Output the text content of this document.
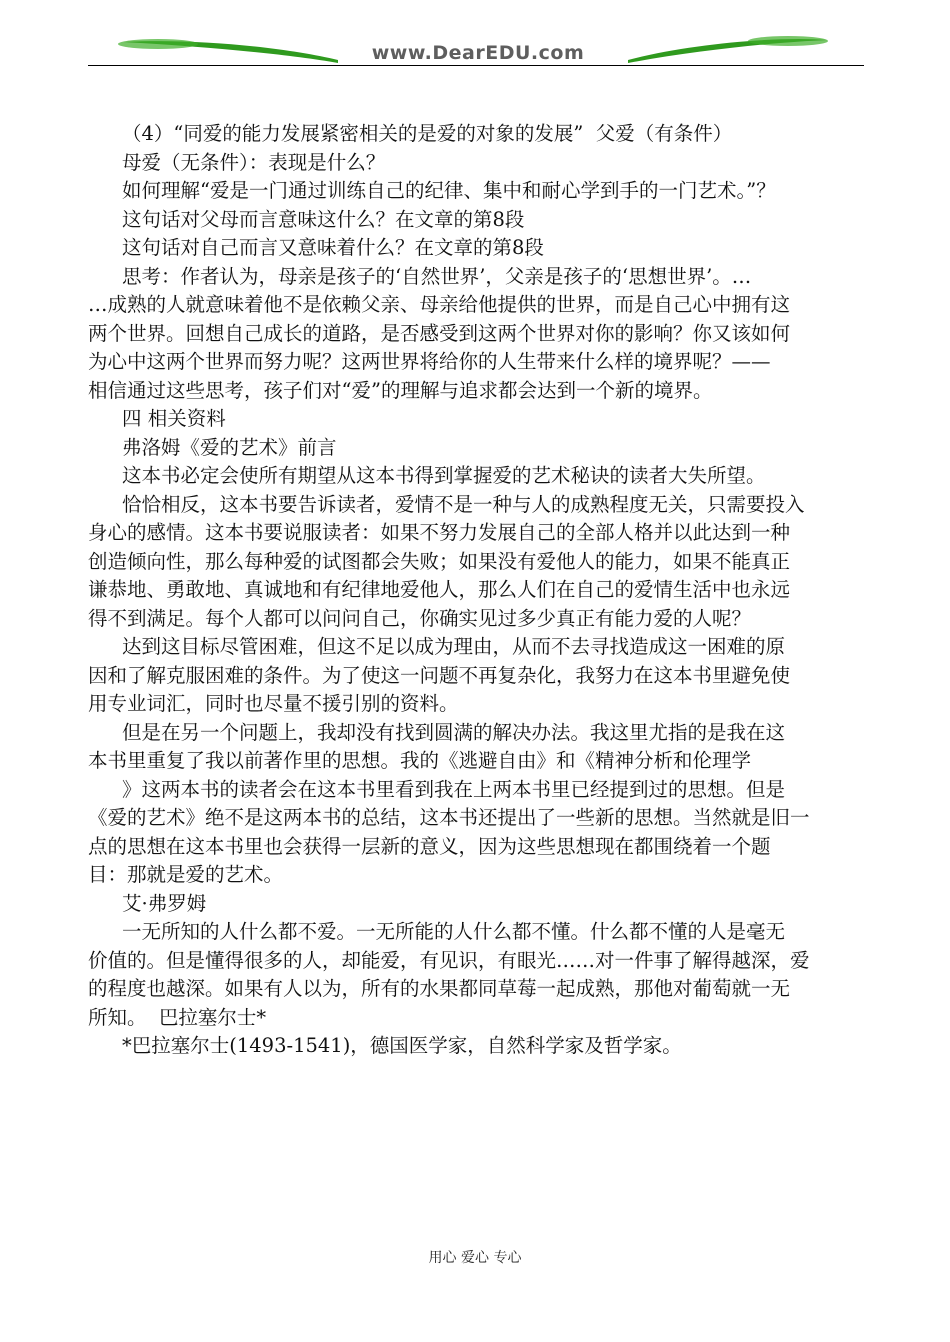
www.DearEDU.com

（4）“同爱的能力发展紧密相关的是爱的对象的发展”  父爱（有条件）

母爱（无条件）：表现是什么？

如何理解“爱是一门通过训练自己的纪律、集中和耐心学到手的一门艺术。”？

这句话对父母而言意味这什么？在文章的第8段

这句话对自己而言又意味着什么？在文章的第8段

思考：作者认为，母亲是孩子的‘自然世界’，父亲是孩子的‘思想世界’。…

…成熟的人就意味着他不是依赖父亲、母亲给他提供的世界，而是自己心中拥有这

两个世界。回想自己成长的道路，是否感受到这两个世界对你的影响？你又该如何

为心中这两个世界而努力呢？这两世界将给你的人生带来什么样的境界呢？——

相信通过这些思考，孩子们对“爱”的理解与追求都会达到一个新的境界。

四 相关资料

弗洛姆《爱的艺术》前言

这本书必定会使所有期望从这本书得到掌握爱的艺术秘诀的读者大失所望。

恰恰相反，这本书要告诉读者，爱情不是一种与人的成熟程度无关，只需要投入

身心的感情。这本书要说服读者：如果不努力发展自己的全部人格并以此达到一种

创造倾向性，那么每种爱的试图都会失败；如果没有爱他人的能力，如果不能真正

谦恭地、勇敢地、真诚地和有纪律地爱他人，那么人们在自己的爱情生活中也永远

得不到满足。每个人都可以问问自己，你确实见过多少真正有能力爱的人呢？

达到这目标尽管困难，但这不足以成为理由，从而不去寻找造成这一困难的原

因和了解克服困难的条件。为了使这一问题不再复杂化，我努力在这本书里避免使

用专业词汇，同时也尽量不援引别的资料。

但是在另一个问题上，我却没有找到圆满的解决办法。我这里尤指的是我在这

本书里重复了我以前著作里的思想。我的《逃避自由》和《精神分析和伦理学

》这两本书的读者会在这本书里看到我在上两本书里已经提到过的思想。但是

《爱的艺术》绝不是这两本书的总结，这本书还提出了一些新的思想。当然就是旧一

点的思想在这本书里也会获得一层新的意义，因为这些思想现在都围绕着一个题

目：那就是爱的艺术。

艾·弗罗姆

一无所知的人什么都不爱。一无所能的人什么都不懂。什么都不懂的人是毫无

价值的。但是懂得很多的人，却能爱，有见识，有眼光……对一件事了解得越深，爱

的程度也越深。如果有人以为，所有的水果都同草莓一起成熟，那他对葡萄就一无

所知。  巴拉塞尔士*

*巴拉塞尔士(1493-1541)，德国医学家，自然科学家及哲学家。

用心 爱心 专心
